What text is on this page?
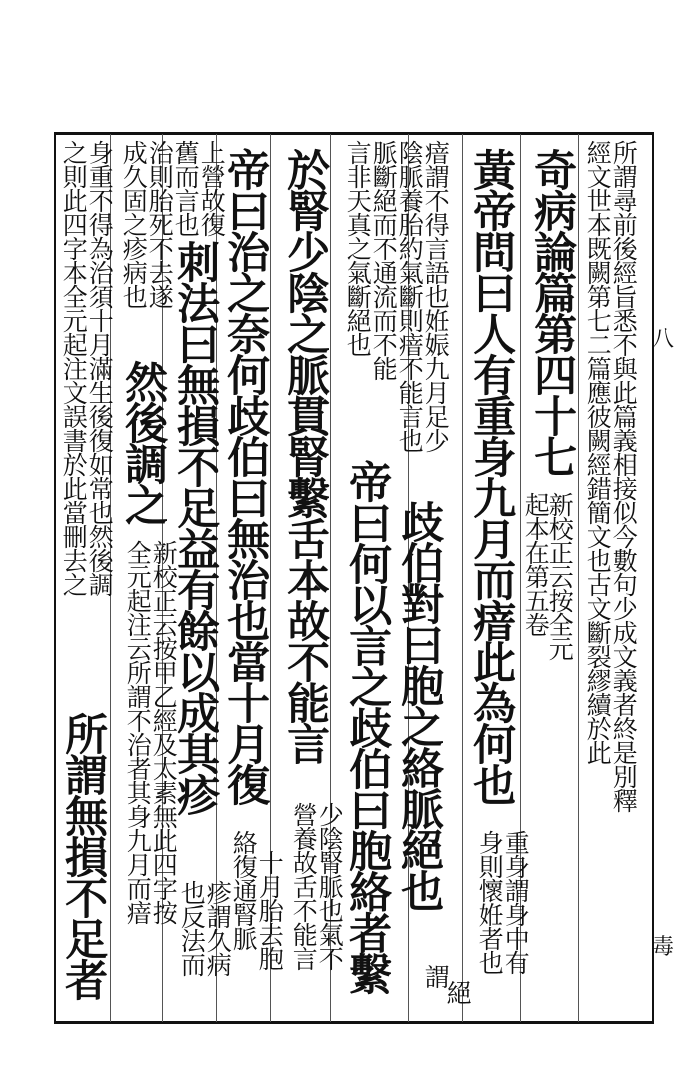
所謂尋前後經旨悉不與此篇義相接似今數句少成文義者終是別釋
經文世本既闕第七二篇應彼闕經錯簡文也古文斷裂繆續於此
奇病論篇第四十七
新校正云按全元
起本在第五卷
黃帝問曰人有重身九月而瘖此為何也
重身謂身中有
身則懷姙者也
瘖謂不得言語也姙娠九月足少
陰脈養胎約氣斷則瘖不能言也
歧伯對曰胞之絡脈絕也
絕
謂
脈斷絕而不通流而不能
言非天真之氣斷絕也
帝曰何以言之歧伯曰胞絡者繫
於腎少陰之脈貫腎繫舌本故不能言
少陰腎脈也氣不
營養故舌不能言
帝曰治之奈何歧伯曰無治也當十月復
十月胎去胞
絡復通腎脈
上營故復
舊而言也
刺法曰無損不足益有餘以成其疹
疹謂久病
也反法而
治則胎死不去遂
成久固之疹病也
然後調之
新校正云按甲乙經及太素無此四字按
全元起注云所謂不治者其身九月而瘖
身重不得為治須十月滿生後復如常也然後調
之則此四字本全元起注文誤書於此當刪去之
所謂無損不足者
八
毒
